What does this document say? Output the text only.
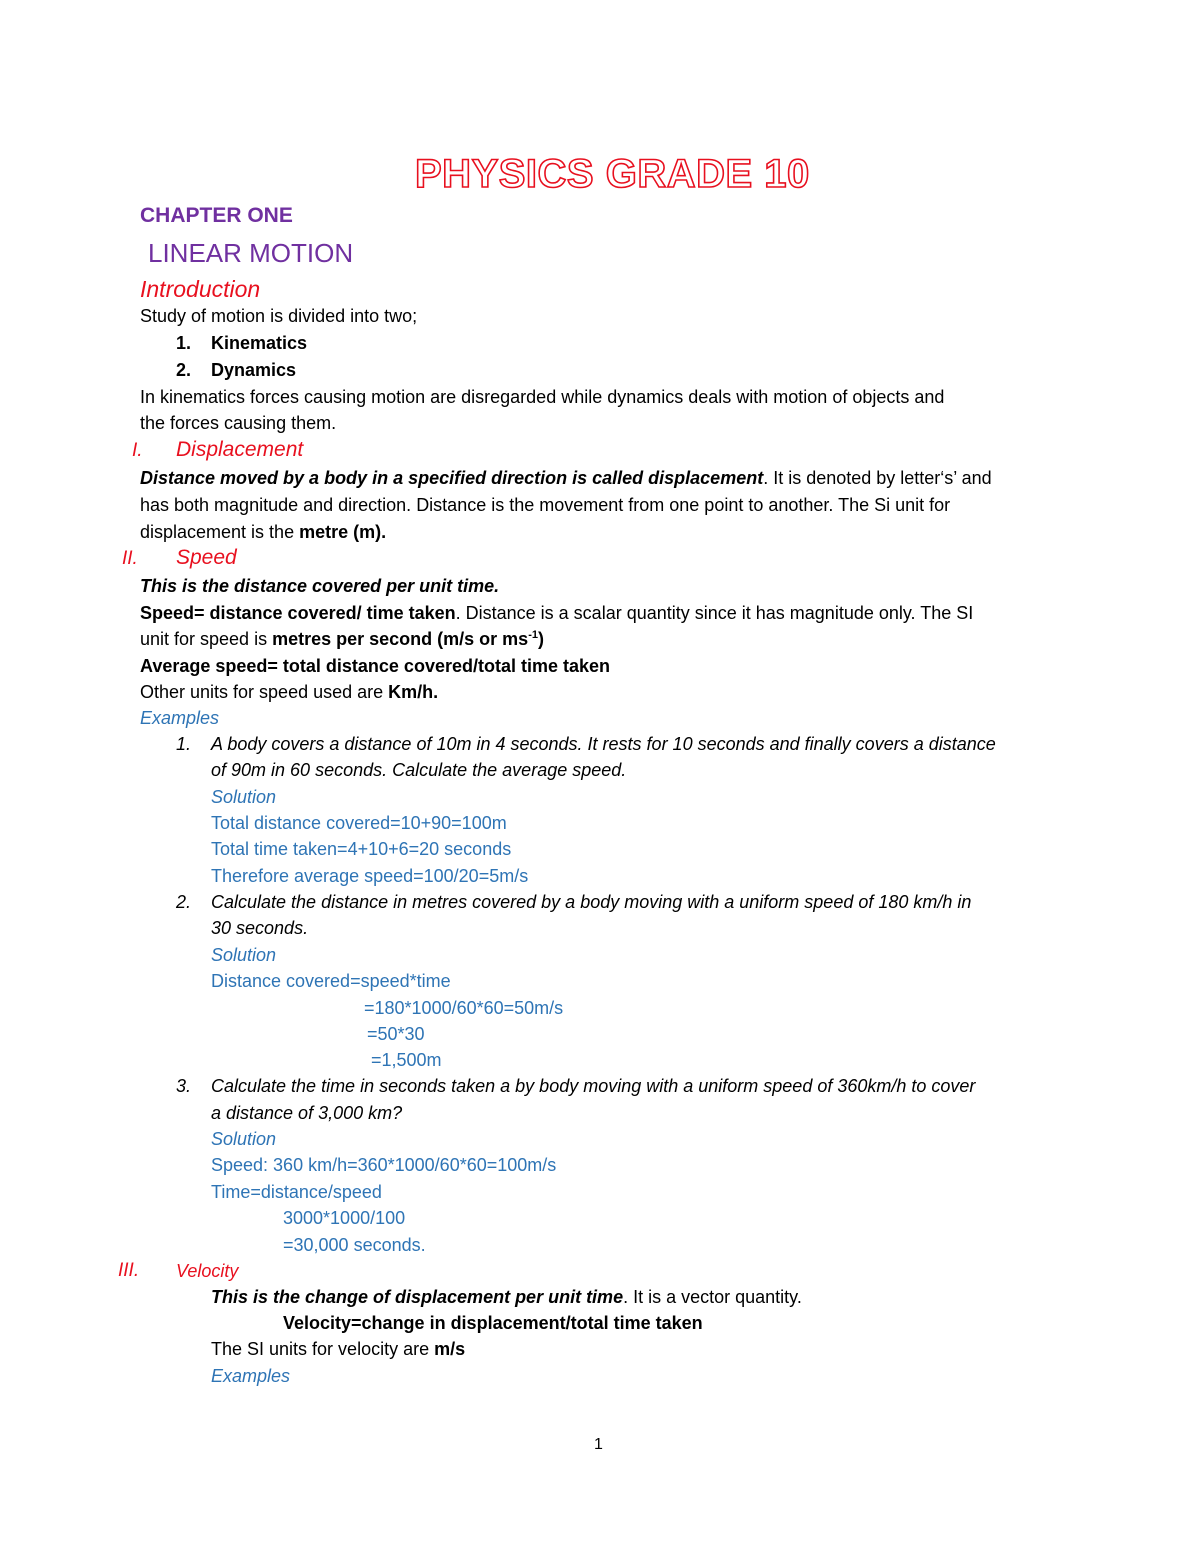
PHYSICS GRADE 10
CHAPTER ONE
LINEAR MOTION
Introduction
Study of motion is divided into two;
1. Kinematics
2. Dynamics
In kinematics forces causing motion are disregarded while dynamics deals with motion of objects and
the forces causing them.
I. Displacement
Distance moved by a body in a specified direction is called displacement. It is denoted by letter‘s’ and
has both magnitude and direction. Distance is the movement from one point to another. The Si unit for
displacement is the metre (m).
II. Speed
This is the distance covered per unit time.
Speed= distance covered/ time taken. Distance is a scalar quantity since it has magnitude only. The SI
unit for speed is metres per second (m/s or $ms^{-1}$)
Average speed= total distance covered/total time taken
Other units for speed used are Km/h.
Examples
1. A body covers a distance of 10m in 4 seconds. It rests for 10 seconds and finally covers a distance
of 90m in 60 seconds. Calculate the average speed.
Solution
Total distance covered=10+90=100m
Total time taken=4+10+6=20 seconds
Therefore average speed=100/20=5m/s
2. Calculate the distance in metres covered by a body moving with a uniform speed of 180 km/h in
30 seconds.
Solution
Distance covered=speed*time
=180*1000/60*60=50m/s
=50*30
=1,500m
3. Calculate the time in seconds taken a by body moving with a uniform speed of 360km/h to cover
a distance of 3,000 km?
Solution
Speed: 360 km/h=360*1000/60*60=100m/s
Time=distance/speed
3000*1000/100
=30,000 seconds.
III. Velocity
This is the change of displacement per unit time. It is a vector quantity.
Velocity=change in displacement/total time taken
The SI units for velocity are m/s
Examples
1
